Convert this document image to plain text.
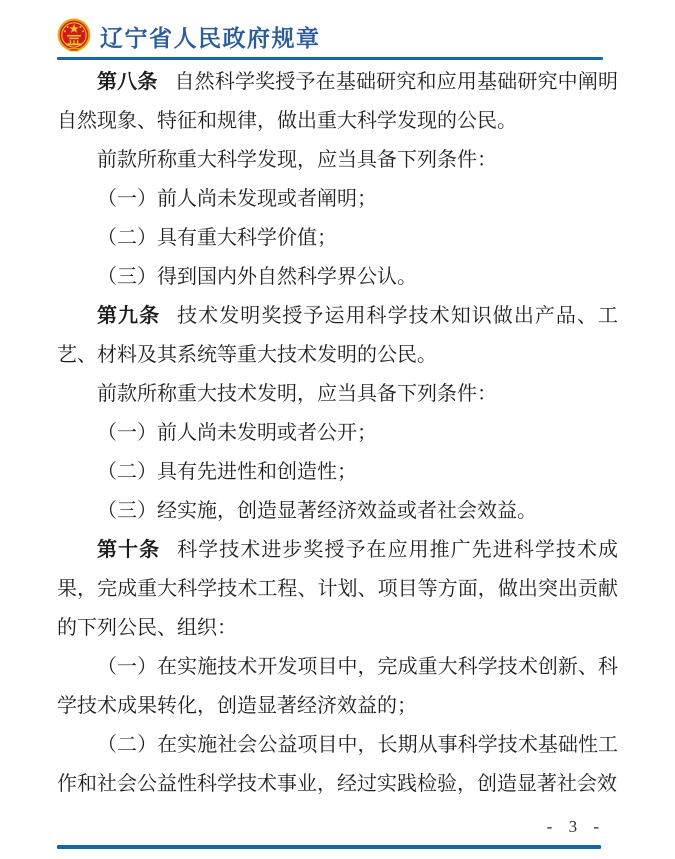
辽宁省人民政府规章

第八条 自然科学奖授予在基础研究和应用基础研究中阐明自然现象、特征和规律，做出重大科学发现的公民。

前款所称重大科学发现，应当具备下列条件：

（一）前人尚未发现或者阐明；

（二）具有重大科学价值；

（三）得到国内外自然科学界公认。

第九条 技术发明奖授予运用科学技术知识做出产品、工艺、材料及其系统等重大技术发明的公民。

前款所称重大技术发明，应当具备下列条件：

（一）前人尚未发明或者公开；

（二）具有先进性和创造性；

（三）经实施，创造显著经济效益或者社会效益。

第十条 科学技术进步奖授予在应用推广先进科学技术成果，完成重大科学技术工程、计划、项目等方面，做出突出贡献的下列公民、组织：

（一）在实施技术开发项目中，完成重大科学技术创新、科学技术成果转化，创造显著经济效益的；

（二）在实施社会公益项目中，长期从事科学技术基础性工作和社会公益性科学技术事业，经过实践检验，创造显著社会效

- 3 -
